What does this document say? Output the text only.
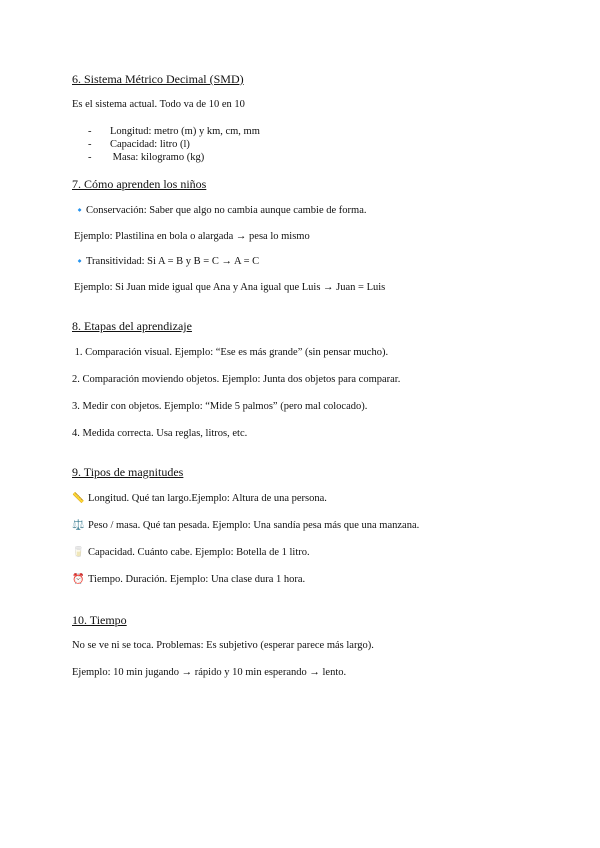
6. Sistema Métrico Decimal (SMD)
Es el sistema actual. Todo va de 10 en 10
- Longitud: metro (m) y km, cm, mm
- Capacidad: litro (l)
- Masa: kilogramo (kg)
7. Cómo aprenden los niños
🔹Conservación: Saber que algo no cambia aunque cambie de forma.
Ejemplo: Plastilina en bola o alargada → pesa lo mismo
🔹Transitividad: Si A = B y B = C → A = C
Ejemplo: Si Juan mide igual que Ana y Ana igual que Luis → Juan = Luis
8. Etapas del aprendizaje
1. Comparación visual. Ejemplo: “Ese es más grande” (sin pensar mucho).
2. Comparación moviendo objetos. Ejemplo: Junta dos objetos para comparar.
3. Medir con objetos. Ejemplo: “Mide 5 palmos” (pero mal colocado).
4. Medida correcta. Usa reglas, litros, etc.
9. Tipos de magnitudes
📏 Longitud. Qué tan largo.Ejemplo: Altura de una persona.
⚖️ Peso / masa. Qué tan pesada. Ejemplo: Una sandía pesa más que una manzana.
🥛 Capacidad. Cuánto cabe. Ejemplo: Botella de 1 litro.
⏰ Tiempo. Duración. Ejemplo: Una clase dura 1 hora.
10. Tiempo
No se ve ni se toca. Problemas: Es subjetivo (esperar parece más largo).
Ejemplo: 10 min jugando → rápido y 10 min esperando → lento.
